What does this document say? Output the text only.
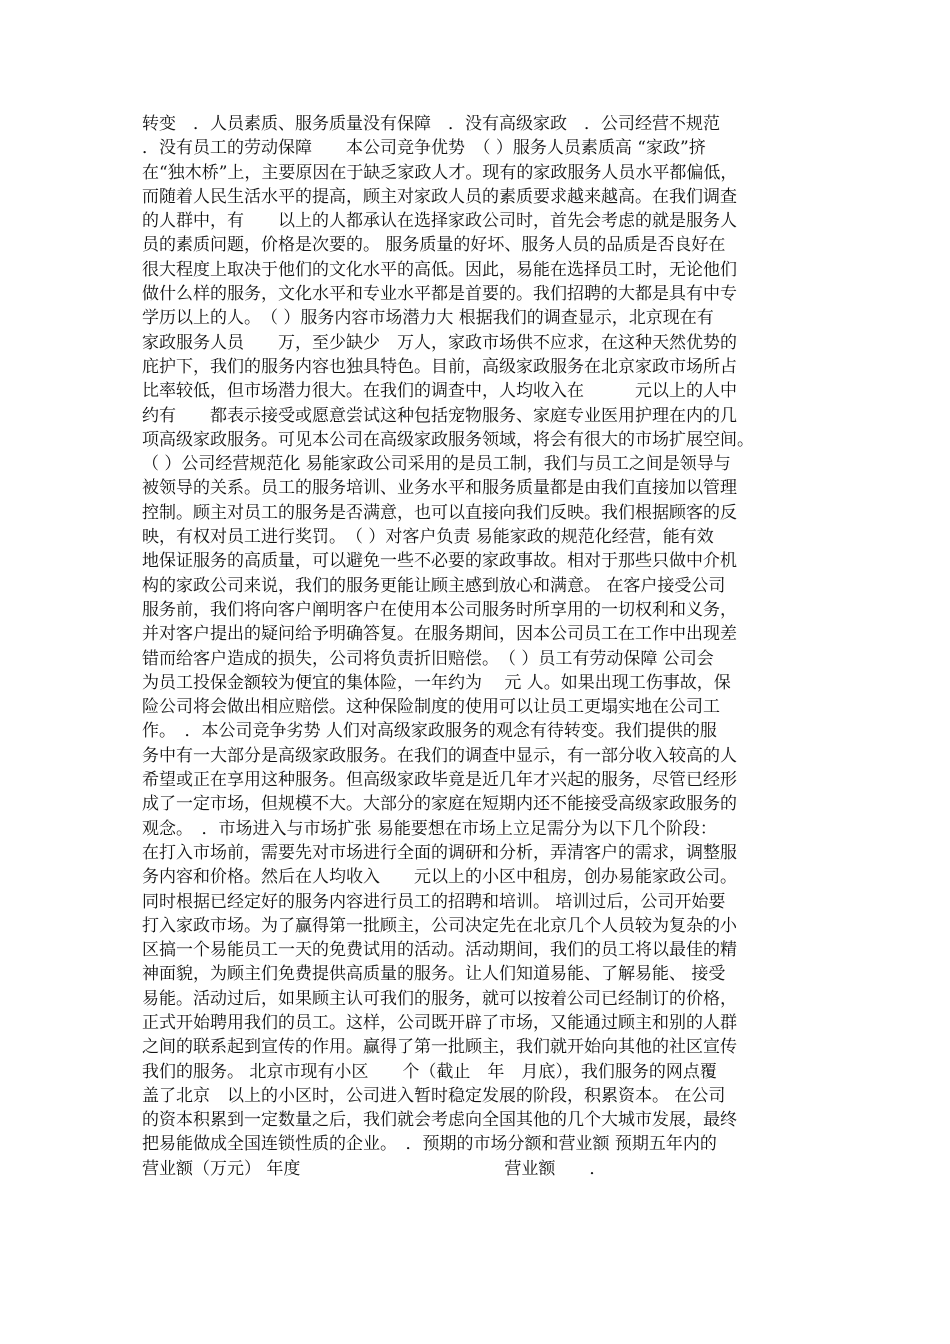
转变　．人员素质、服务质量没有保障　．没有高级家政　．公司经营不规范
．没有员工的劳动保障　　本公司竞争优势　（ ）服务人员素质高 “家政”挤
在“独木桥”上，主要原因在于缺乏家政人才。现有的家政服务人员水平都偏低，
而随着人民生活水平的提高，顾主对家政人员的素质要求越来越高。在我们调查
的人群中，有　　以上的人都承认在选择家政公司时，首先会考虑的就是服务人
员的素质问题，价格是次要的。 服务质量的好坏、服务人员的品质是否良好在
很大程度上取决于他们的文化水平的高低。因此，易能在选择员工时，无论他们
做什么样的服务，文化水平和专业水平都是首要的。我们招聘的大都是具有中专
学历以上的人。　（ ）服务内容市场潜力大 根据我们的调查显示，北京现在有
家政服务人员　　万，至少缺少　万人，家政市场供不应求，在这种天然优势的
庇护下，我们的服务内容也独具特色。目前，高级家政服务在北京家政市场所占
比率较低，但市场潜力很大。在我们的调查中，人均收入在　　　元以上的人中
约有　　都表示接受或愿意尝试这种包括宠物服务、家庭专业医用护理在内的几
项高级家政服务。可见本公司在高级家政服务领域，将会有很大的市场扩展空间。
（ ）公司经营规范化 易能家政公司采用的是员工制，我们与员工之间是领导与
被领导的关系。员工的服务培训、业务水平和服务质量都是由我们直接加以管理
控制。顾主对员工的服务是否满意，也可以直接向我们反映。我们根据顾客的反
映，有权对员工进行奖罚。　（ ）对客户负责 易能家政的规范化经营，能有效
地保证服务的高质量，可以避免一些不必要的家政事故。相对于那些只做中介机
构的家政公司来说，我们的服务更能让顾主感到放心和满意。 在客户接受公司
服务前，我们将向客户阐明客户在使用本公司服务时所享用的一切权利和义务，
并对客户提出的疑问给予明确答复。在服务期间，因本公司员工在工作中出现差
错而给客户造成的损失，公司将负责折旧赔偿。　（ ）员工有劳动保障 公司会
为员工投保金额较为便宜的集体险，一年约为　 元 人。如果出现工伤事故，保
险公司将会做出相应赔偿。这种保险制度的使用可以让员工更塌实地在公司工
作。　．本公司竞争劣势 人们对高级家政服务的观念有待转变。我们提供的服
务中有一大部分是高级家政服务。在我们的调查中显示，有一部分收入较高的人
希望或正在享用这种服务。但高级家政毕竟是近几年才兴起的服务，尽管已经形
成了一定市场，但规模不大。大部分的家庭在短期内还不能接受高级家政服务的
观念。　．市场进入与市场扩张 易能要想在市场上立足需分为以下几个阶段：
在打入市场前，需要先对市场进行全面的调研和分析，弄清客户的需求，调整服
务内容和价格。然后在人均收入　　元以上的小区中租房，创办易能家政公司。
同时根据已经定好的服务内容进行员工的招聘和培训。 培训过后，公司开始要
打入家政市场。为了赢得第一批顾主，公司决定先在北京几个人员较为复杂的小
区搞一个易能员工一天的免费试用的活动。活动期间，我们的员工将以最佳的精
神面貌，为顾主们免费提供高质量的服务。让人们知道易能、了解易能、 接受
易能。活动过后，如果顾主认可我们的服务，就可以按着公司已经制订的价格，
正式开始聘用我们的员工。这样，公司既开辟了市场，又能通过顾主和别的人群
之间的联系起到宣传的作用。赢得了第一批顾主，我们就开始向其他的社区宣传
我们的服务。 北京市现有小区　　个（截止　年　月底），我们服务的网点覆
盖了北京　以上的小区时，公司进入暂时稳定发展的阶段，积累资本。 在公司
的资本积累到一定数量之后，我们就会考虑向全国其他的几个大城市发展，最终
把易能做成全国连锁性质的企业。　．预期的市场分额和营业额 预期五年内的
营业额（万元） 年度　　　　　　　　　　　　营业额　　．
